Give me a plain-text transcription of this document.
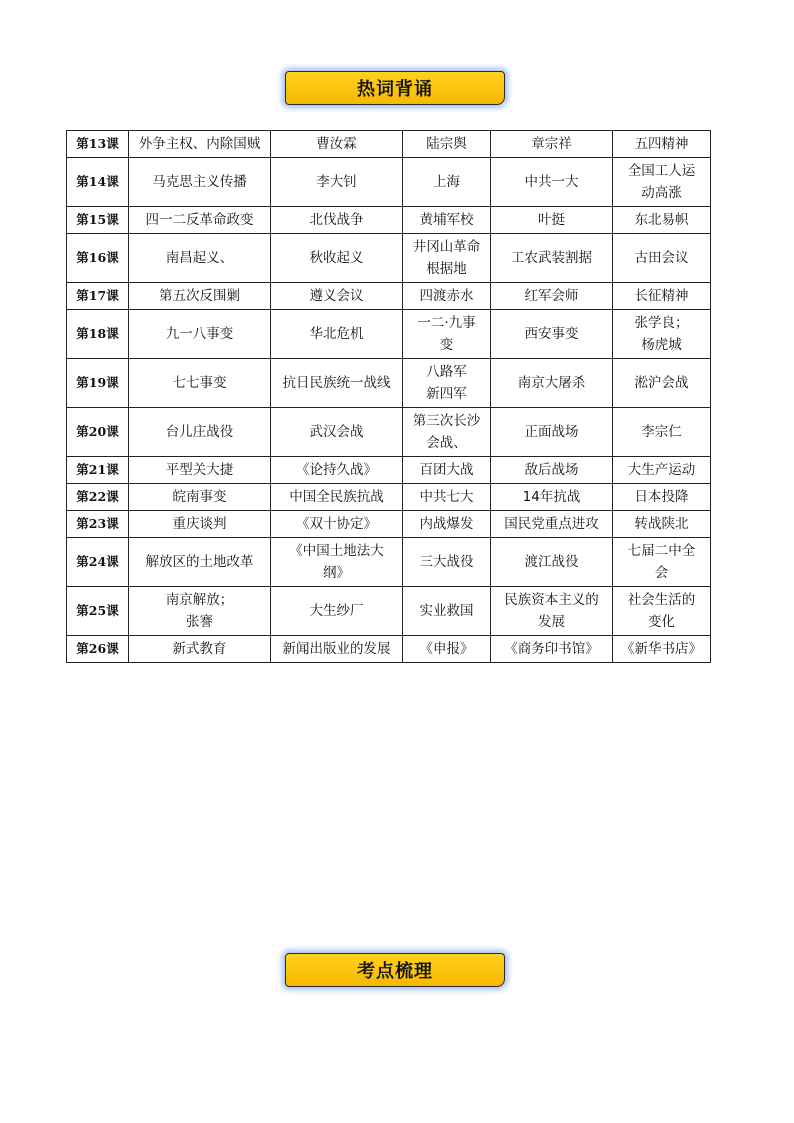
热词背诵
第13课	外争主权、内除国贼	曹汝霖	陆宗舆	章宗祥	五四精神

第14课	马克思主义传播	李大钊	上海	中共一大	全国工人运
动高涨

第15课	四一二反革命政变	北伐战争	黄埔军校	叶挺	东北易帜

第16课	南昌起义、	秋收起义	井冈山革命
根据地	工农武装割据	古田会议

第17课	第五次反围剿	遵义会议	四渡赤水	红军会师	长征精神

第18课	九一八事变	华北危机	一二·九事
变	西安事变	张学良；
杨虎城

第19课	七七事变	抗日民族统一战线	八路军
新四军	南京大屠杀	淞沪会战

第20课	台儿庄战役	武汉会战	第三次长沙
会战、	正面战场	李宗仁

第21课	平型关大捷	《论持久战》	百团大战	敌后战场	大生产运动

第22课	皖南事变	中国全民族抗战	中共七大	14年抗战	日本投降

第23课	重庆谈判	《双十协定》	内战爆发	国民党重点进攻	转战陕北

第24课	解放区的土地改革	《中国土地法大
纲》	三大战役	渡江战役	七届二中全
会

第25课	南京解放；
张謇	大生纱厂	实业救国	民族资本主义的
发展	社会生活的
变化

第26课	新式教育	新闻出版业的发展	《申报》	《商务印书馆》	《新华书店》
考点梳理
